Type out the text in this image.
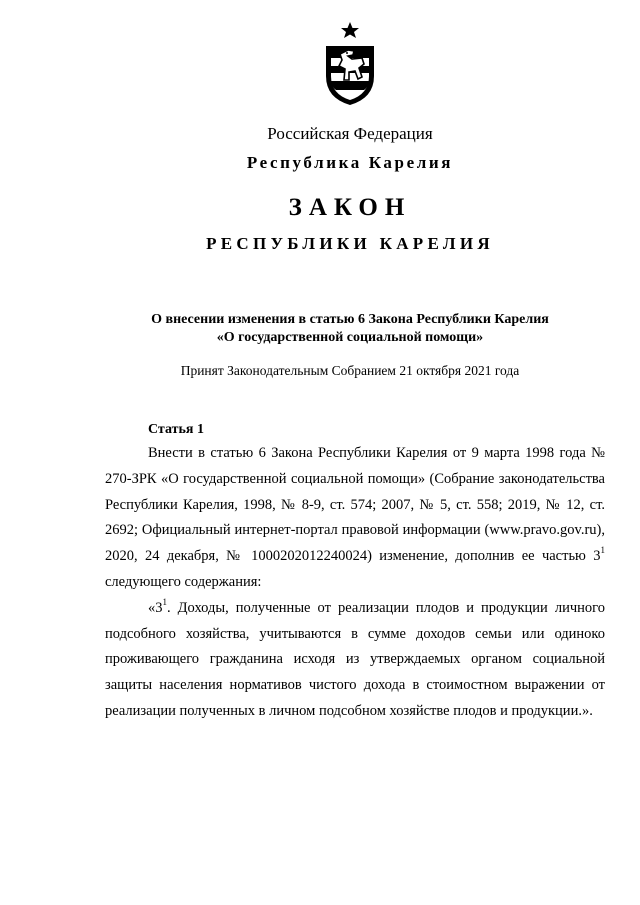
Российская Федерация
Республика Карелия
ЗАКОН
РЕСПУБЛИКИ КАРЕЛИЯ
О внесении изменения в статью 6 Закона Республики Карелия
«О государственной социальной помощи»
Принят Законодательным Собранием 21 октября 2021 года
Статья 1

Внести в статью 6 Закона Республики Карелия от 9 марта 1998 года № 270-ЗРК «О государственной социальной помощи» (Собрание законодательства Республики Карелия, 1998, № 8-9, ст. 574; 2007, № 5, ст. 558; 2019, № 12, ст. 2692; Официальный интернет-портал правовой информации (www.pravo.gov.ru), 2020, 24 декабря, № 1000202012240024) изменение, дополнив ее частью $3^1$ следующего содержания:

«$3^1$. Доходы, полученные от реализации плодов и продукции личного подсобного хозяйства, учитываются в сумме доходов семьи или одиноко проживающего гражданина исходя из утверждаемых органом социальной защиты населения нормативов чистого дохода в стоимостном выражении от реализации полученных в личном подсобном хозяйстве плодов и продукции.».
